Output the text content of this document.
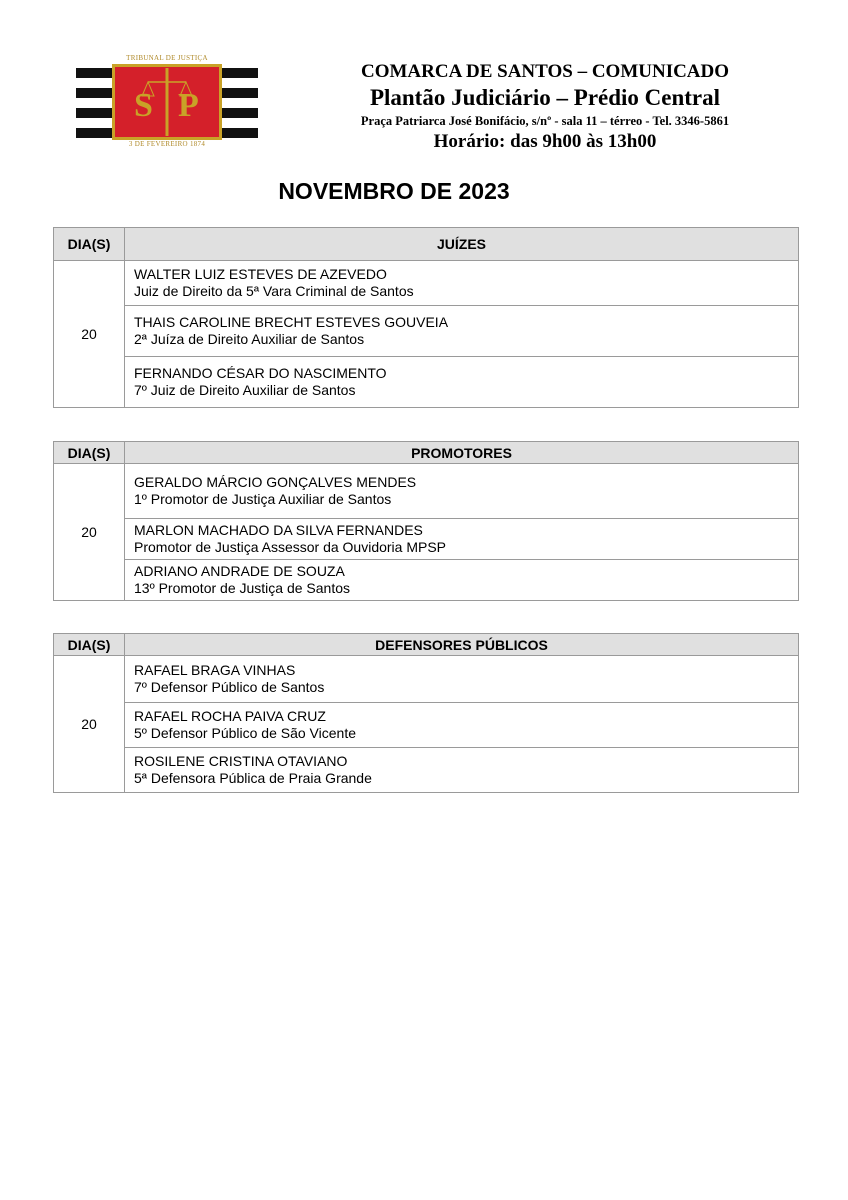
TRIBUNAL DE JUSTIÇA
S P
3 DE FEVEREIRO 1874
COMARCA DE SANTOS – COMUNICADO
Plantão Judiciário – Prédio Central
Praça Patriarca José Bonifácio, s/nº - sala 11 – térreo - Tel. 3346-5861
Horário: das 9h00 às 13h00
NOVEMBRO DE 2023
DIA(S)	JUÍZES
20	WALTER LUIZ ESTEVES DE AZEVEDO
Juiz de Direito da 5ª Vara Criminal de Santos

	THAIS CAROLINE BRECHT ESTEVES GOUVEIA
2ª Juíza de Direito Auxiliar de Santos

	FERNANDO CÉSAR DO NASCIMENTO
7º Juiz de Direito Auxiliar de Santos
DIA(S)	PROMOTORES
20	GERALDO MÁRCIO GONÇALVES MENDES
1º Promotor de Justiça Auxiliar de Santos

	MARLON MACHADO DA SILVA FERNANDES
Promotor de Justiça Assessor da Ouvidoria MPSP

	ADRIANO ANDRADE DE SOUZA
13º Promotor de Justiça de Santos
DIA(S)	DEFENSORES PÚBLICOS
20	RAFAEL BRAGA VINHAS
7º Defensor Público de Santos

	RAFAEL ROCHA PAIVA CRUZ
5º Defensor Público de São Vicente

	ROSILENE CRISTINA OTAVIANO
5ª Defensora Pública de Praia Grande
